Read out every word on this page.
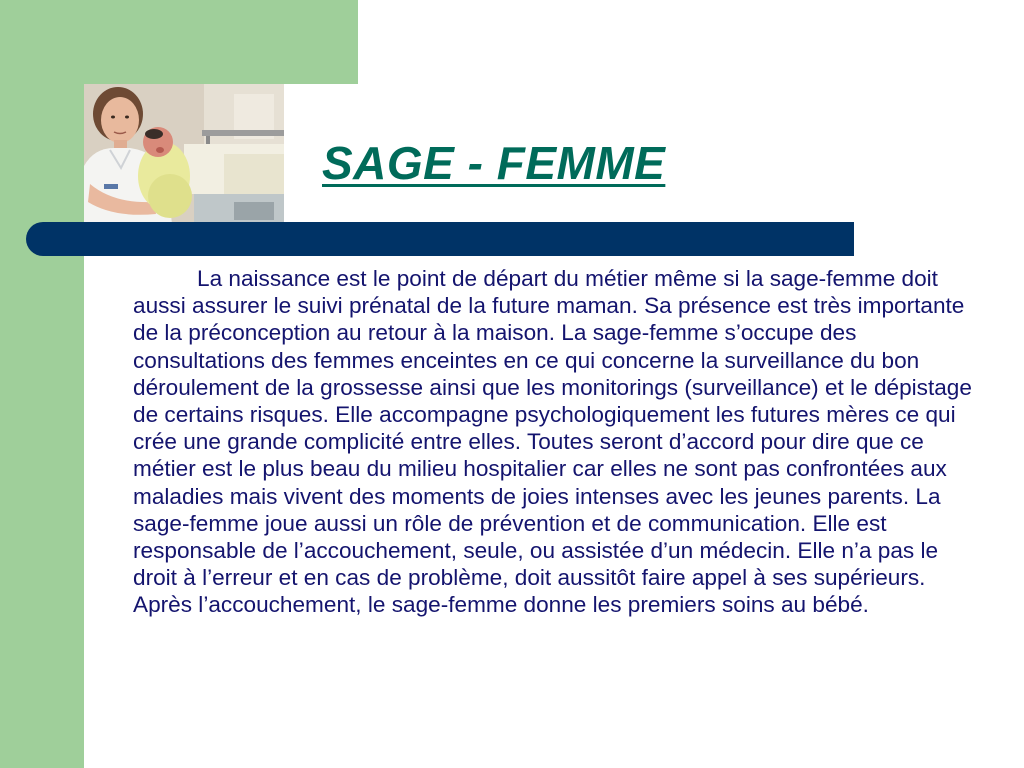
SAGE - FEMME

La naissance est le point de départ du métier même si la sage-femme doit aussi assurer le suivi prénatal de la future maman. Sa présence est très importante de la préconception au retour à la maison. La sage-femme s’occupe des consultations des femmes enceintes en ce qui concerne la surveillance du bon déroulement de la grossesse ainsi que les monitorings (surveillance) et le dépistage de certains risques. Elle accompagne psychologiquement les futures mères ce qui crée une grande complicité entre elles. Toutes seront d’accord pour dire que ce métier est le plus beau du milieu hospitalier car elles ne sont pas confrontées aux maladies mais vivent des moments de joies intenses avec les jeunes parents. La sage-femme joue aussi un rôle de prévention et de communication. Elle est responsable de l’accouchement, seule, ou assistée d’un médecin. Elle n’a pas le droit à l’erreur et en cas de problème, doit aussitôt faire appel à ses supérieurs. Après l’accouchement, le sage-femme donne les premiers soins au bébé.
